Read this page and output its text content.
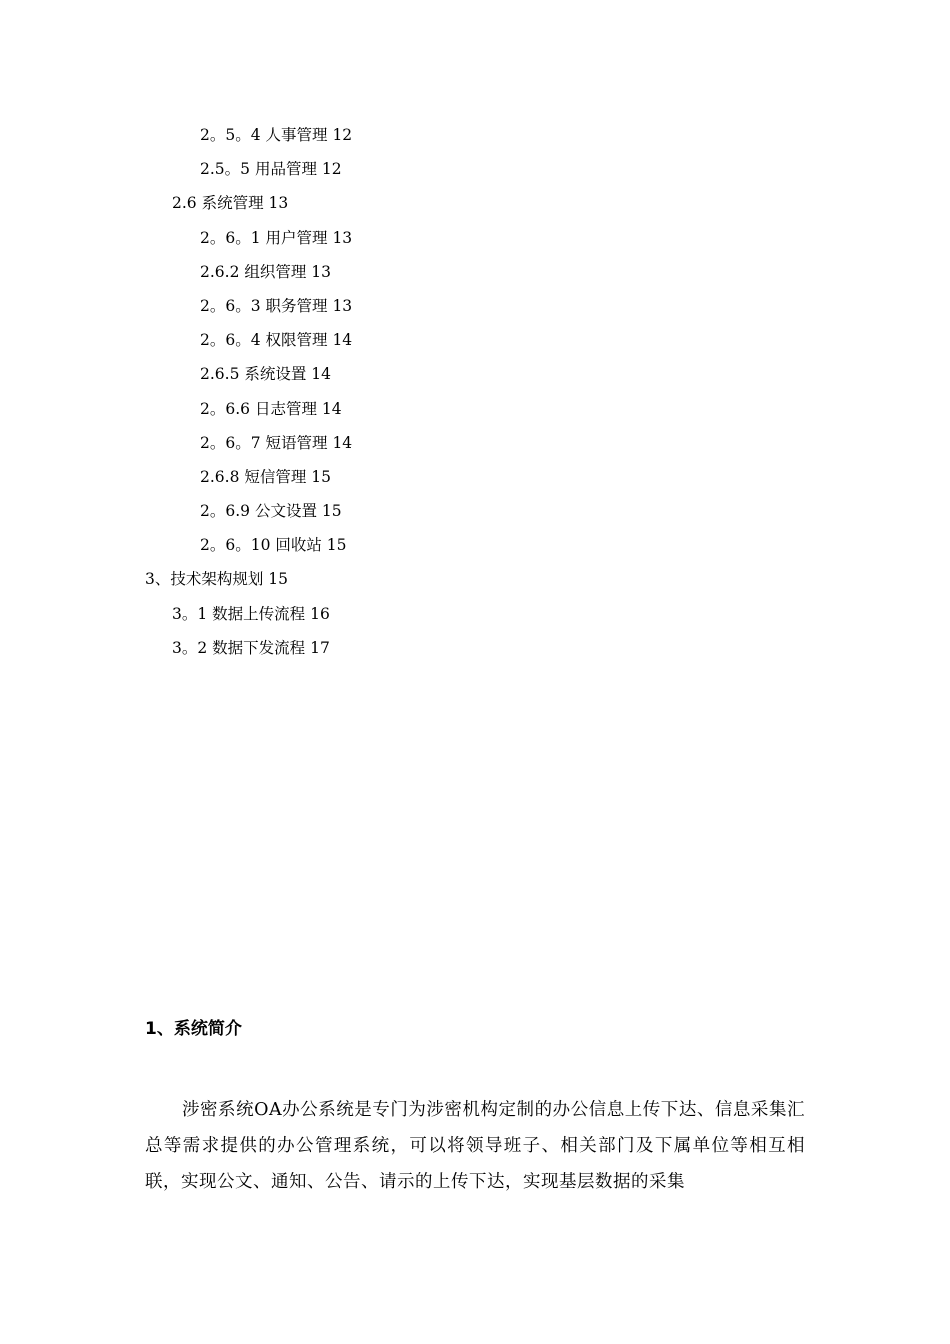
2。5。4 人事管理 12
2.5。5 用品管理 12
2.6 系统管理 13
2。6。1 用户管理 13
2.6.2 组织管理 13
2。6。3 职务管理 13
2。6。4 权限管理 14
2.6.5 系统设置 14
2。6.6 日志管理 14
2。6。7 短语管理 14
2.6.8 短信管理 15
2。6.9 公文设置 15
2。6。10 回收站 15
3、技术架构规划 15
3。1 数据上传流程 16
3。2 数据下发流程 17
1、系统简介

涉密系统OA办公系统是专门为涉密机构定制的办公信息上传下达、信息采集汇总等需求提供的办公管理系统，可以将领导班子、相关部门及下属单位等相互相联，实现公文、通知、公告、请示的上传下达，实现基层数据的采集
